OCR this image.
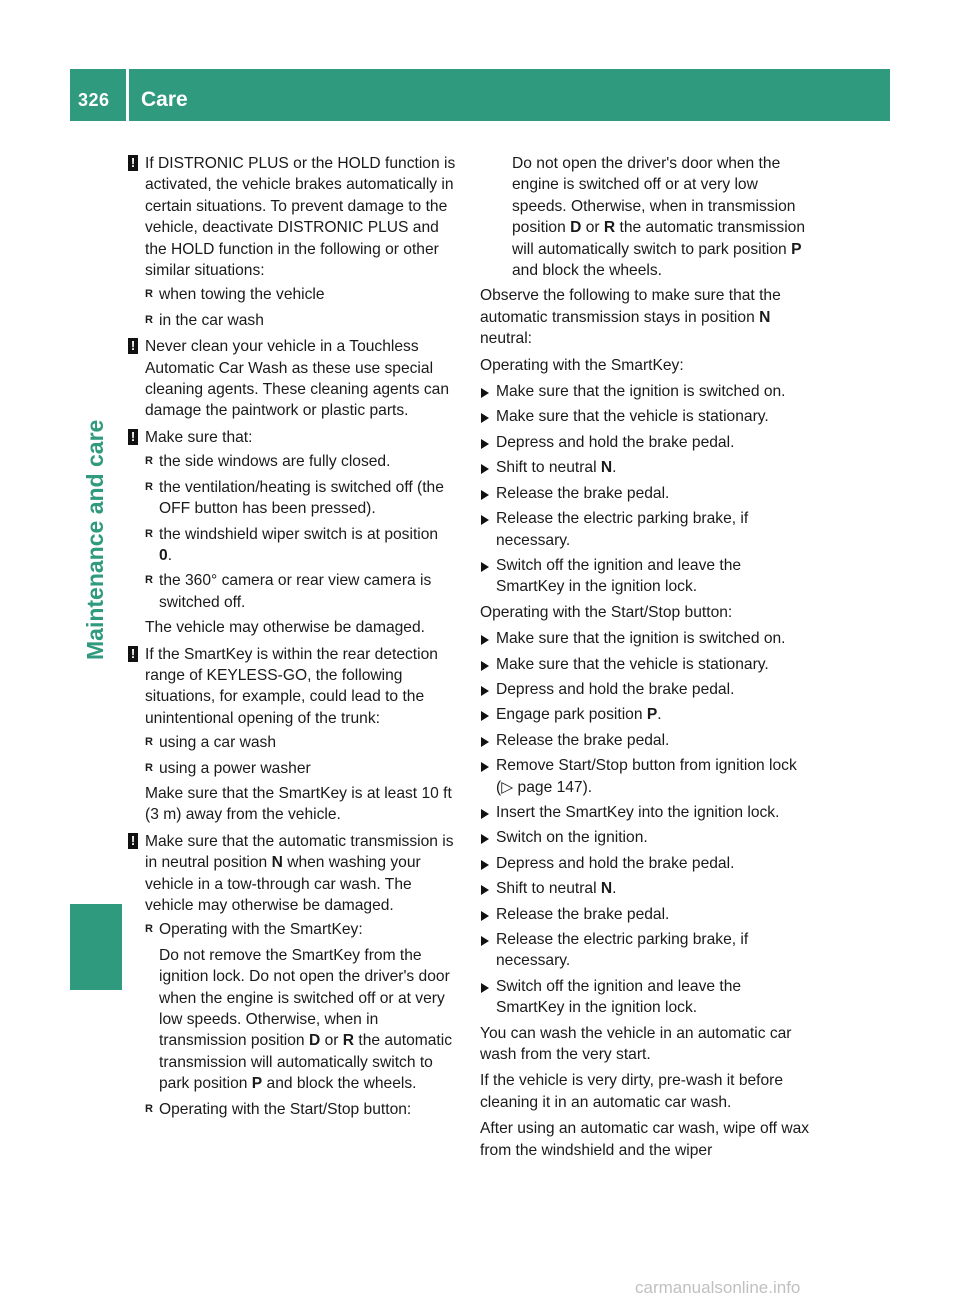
326 Care
Maintenance and care
! If DISTRONIC PLUS or the HOLD function is activated, the vehicle brakes automatically in certain situations. To prevent damage to the vehicle, deactivate DISTRONIC PLUS and the HOLD function in the following or other similar situations:

R when towing the vehicle
R in the car wash
! Never clean your vehicle in a Touchless Automatic Car Wash as these use special cleaning agents. These cleaning agents can damage the paintwork or plastic parts.

! Make sure that:

R the side windows are fully closed.
R the ventilation/heating is switched off (the OFF button has been pressed).
R the windshield wiper switch is at position
0.
R the 360° camera or rear view camera is switched off.

The vehicle may otherwise be damaged.

! If the SmartKey is within the rear detection range of KEYLESS-GO, the following situations, for example, could lead to the unintentional opening of the trunk:

R using a car wash
R using a power washer

Make sure that the SmartKey is at least 10 ft (3 m) away from the vehicle.

! Make sure that the automatic transmission is in neutral position N when washing your vehicle in a tow-through car wash. The vehicle may otherwise be damaged.

R Operating with the SmartKey:

Do not remove the SmartKey from the ignition lock. Do not open the driver's door when the engine is switched off or at very low speeds. Otherwise, when in transmission position D or R the automatic transmission will automatically switch to park position P and block the wheels.

R Operating with the Start/Stop button:

Do not open the driver's door when the engine is switched off or at very low speeds. Otherwise, when in transmission position D or R the automatic transmission will automatically switch to park position P and block the wheels.

Observe the following to make sure that the automatic transmission stays in position N neutral:

Operating with the SmartKey:

Make sure that the ignition is switched on.
Make sure that the vehicle is stationary.
Depress and hold the brake pedal.
Shift to neutral N.
Release the brake pedal.
Release the electric parking brake, if necessary.
Switch off the ignition and leave the SmartKey in the ignition lock.

Operating with the Start/Stop button:

Make sure that the ignition is switched on.
Make sure that the vehicle is stationary.
Depress and hold the brake pedal.
Engage park position P.
Release the brake pedal.
Remove Start/Stop button from ignition lock (▷ page 147).
Insert the SmartKey into the ignition lock.
Switch on the ignition.
Depress and hold the brake pedal.
Shift to neutral N.
Release the brake pedal.
Release the electric parking brake, if necessary.
Switch off the ignition and leave the SmartKey in the ignition lock.

You can wash the vehicle in an automatic car wash from the very start.

If the vehicle is very dirty, pre-wash it before cleaning it in an automatic car wash.

After using an automatic car wash, wipe off wax from the windshield and the wiper

carmanualsonline.info
